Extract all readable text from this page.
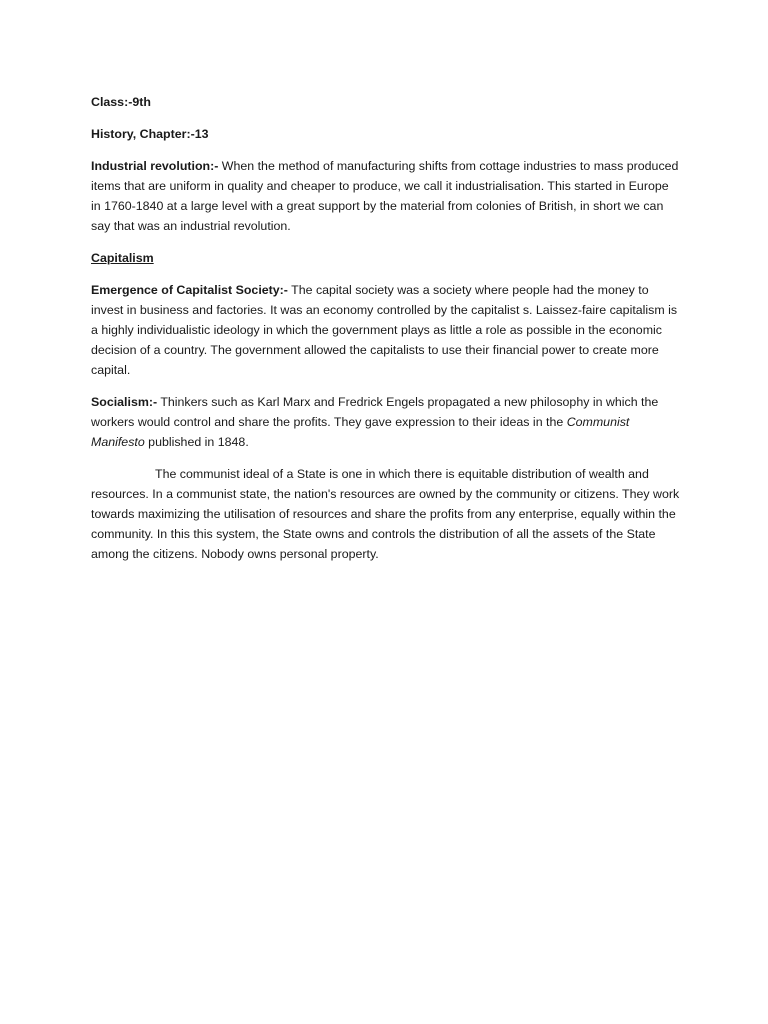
Class:-9th

History, Chapter:-13

Industrial revolution:- When the method of manufacturing shifts from cottage industries to mass produced items that are uniform in quality and cheaper to produce, we call it industrialisation. This started in Europe in 1760-1840 at a large level with a great support by the material from colonies of British, in short we can say that was an industrial revolution.

Capitalism

Emergence of Capitalist Society:- The capital society was a society where people had the money to invest in business and factories. It was an economy controlled by the capitalist s. Laissez-faire capitalism is a highly individualistic ideology in which the government plays as little a role as possible in the economic decision of a country. The government allowed the capitalists to use their financial power to create more capital.

Socialism:- Thinkers such as Karl Marx and Fredrick Engels propagated a new philosophy in which the workers would control and share the profits. They gave expression to their ideas in the Communist Manifesto published in 1848.

The communist ideal of a State is one in which there is equitable distribution of wealth and resources. In a communist state, the nation's resources are owned by the community or citizens. They work towards maximizing the utilisation of resources and share the profits from any enterprise, equally within the community. In this this system, the State owns and controls the distribution of all the assets of the State among the citizens. Nobody owns personal property.
